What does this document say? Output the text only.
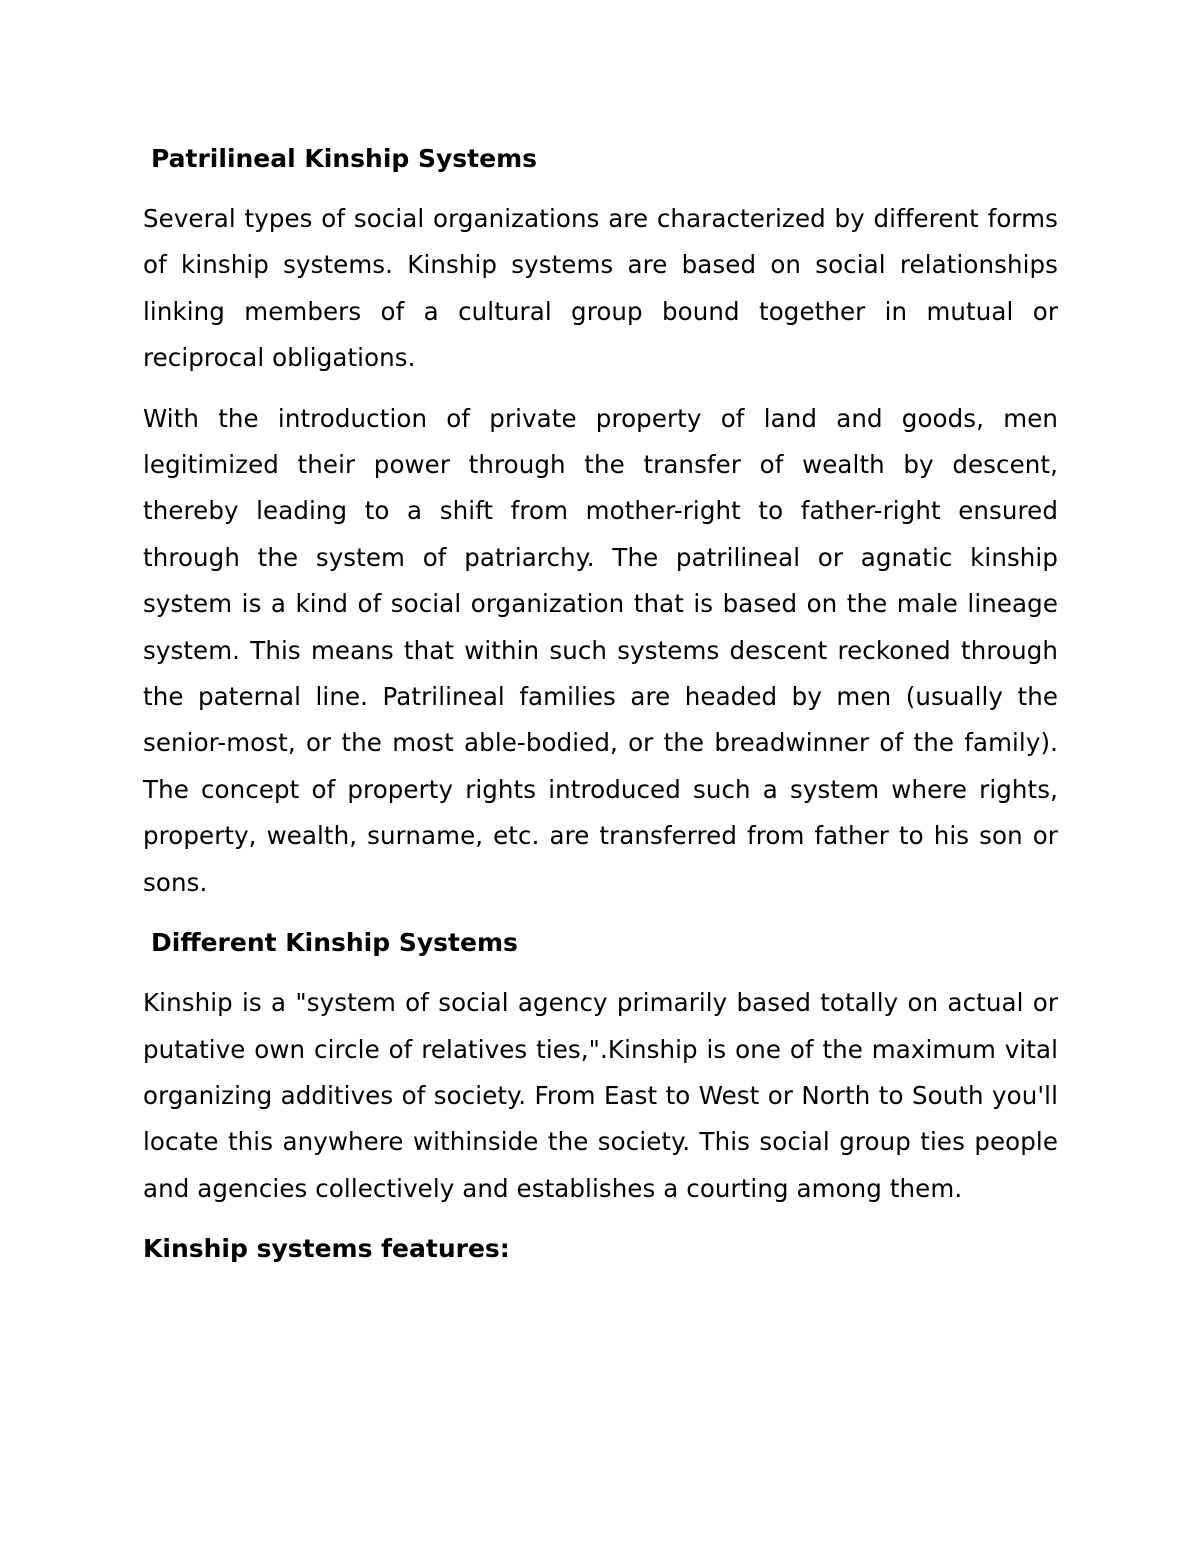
Patrilineal Kinship Systems

Several types of social organizations are characterized by different forms of kinship systems. Kinship systems are based on social relationships linking members of a cultural group bound together in mutual or reciprocal obligations.

With the introduction of private property of land and goods, men legitimized their power through the transfer of wealth by descent, thereby leading to a shift from mother-right to father-right ensured through the system of patriarchy. The patrilineal or agnatic kinship system is a kind of social organization that is based on the male lineage system. This means that within such systems descent reckoned through the paternal line. Patrilineal families are headed by men (usually the senior-most, or the most able-bodied, or the breadwinner of the family). The concept of property rights introduced such a system where rights, property, wealth, surname, etc. are transferred from father to his son or sons.

Different Kinship Systems

Kinship is a "system of social agency primarily based totally on actual or putative own circle of relatives ties,".Kinship is one of the maximum vital organizing additives of society. From East to West or North to South you'll locate this anywhere withinside the society. This social group ties people and agencies collectively and establishes a courting among them.

Kinship systems features:
